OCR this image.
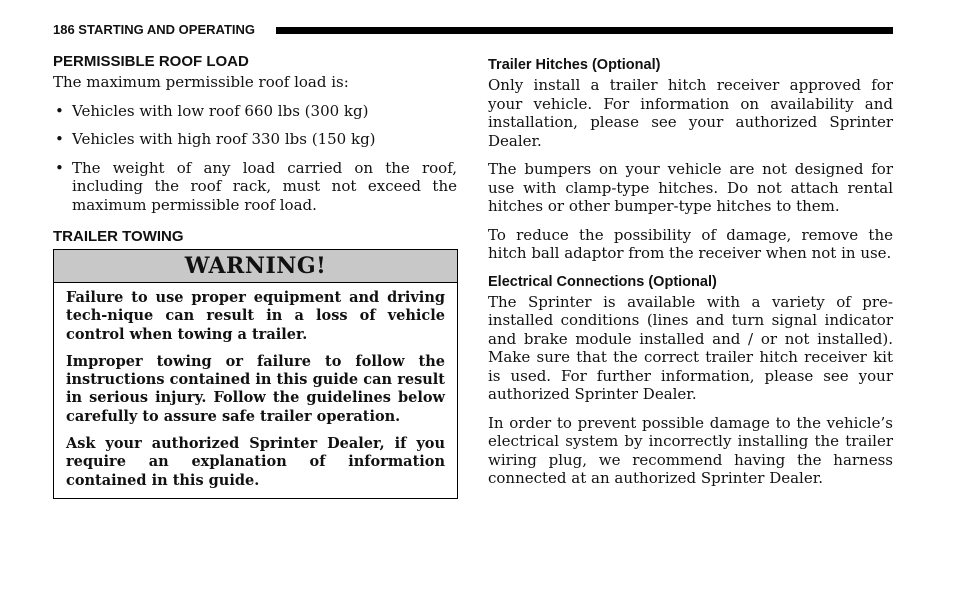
186 STARTING AND OPERATING
PERMISSIBLE ROOF LOAD

The maximum permissible roof load is:

• Vehicles with low roof 660 lbs (300 kg)
• Vehicles with high roof 330 lbs (150 kg)
• The weight of any load carried on the roof, including the roof rack, must not exceed the maximum permissible roof load.
TRAILER TOWING
WARNING!

Failure to use proper equipment and driving tech-nique can result in a loss of vehicle control when towing a trailer.

Improper towing or failure to follow the instructions contained in this guide can result in serious injury. Follow the guidelines below carefully to assure safe trailer operation.

Ask your authorized Sprinter Dealer, if you require an explanation of information contained in this guide.

Trailer Hitches (Optional)

Only install a trailer hitch receiver approved for your vehicle. For information on availability and installation, please see your authorized Sprinter Dealer.

The bumpers on your vehicle are not designed for use with clamp-type hitches. Do not attach rental hitches or other bumper-type hitches to them.

To reduce the possibility of damage, remove the hitch ball adaptor from the receiver when not in use.

Electrical Connections (Optional)

The Sprinter is available with a variety of pre-installed conditions (lines and turn signal indicator and brake module installed and / or not installed). Make sure that the correct trailer hitch receiver kit is used. For further information, please see your authorized Sprinter Dealer.

In order to prevent possible damage to the vehicle’s electrical system by incorrectly installing the trailer wiring plug, we recommend having the harness connected at an authorized Sprinter Dealer.
